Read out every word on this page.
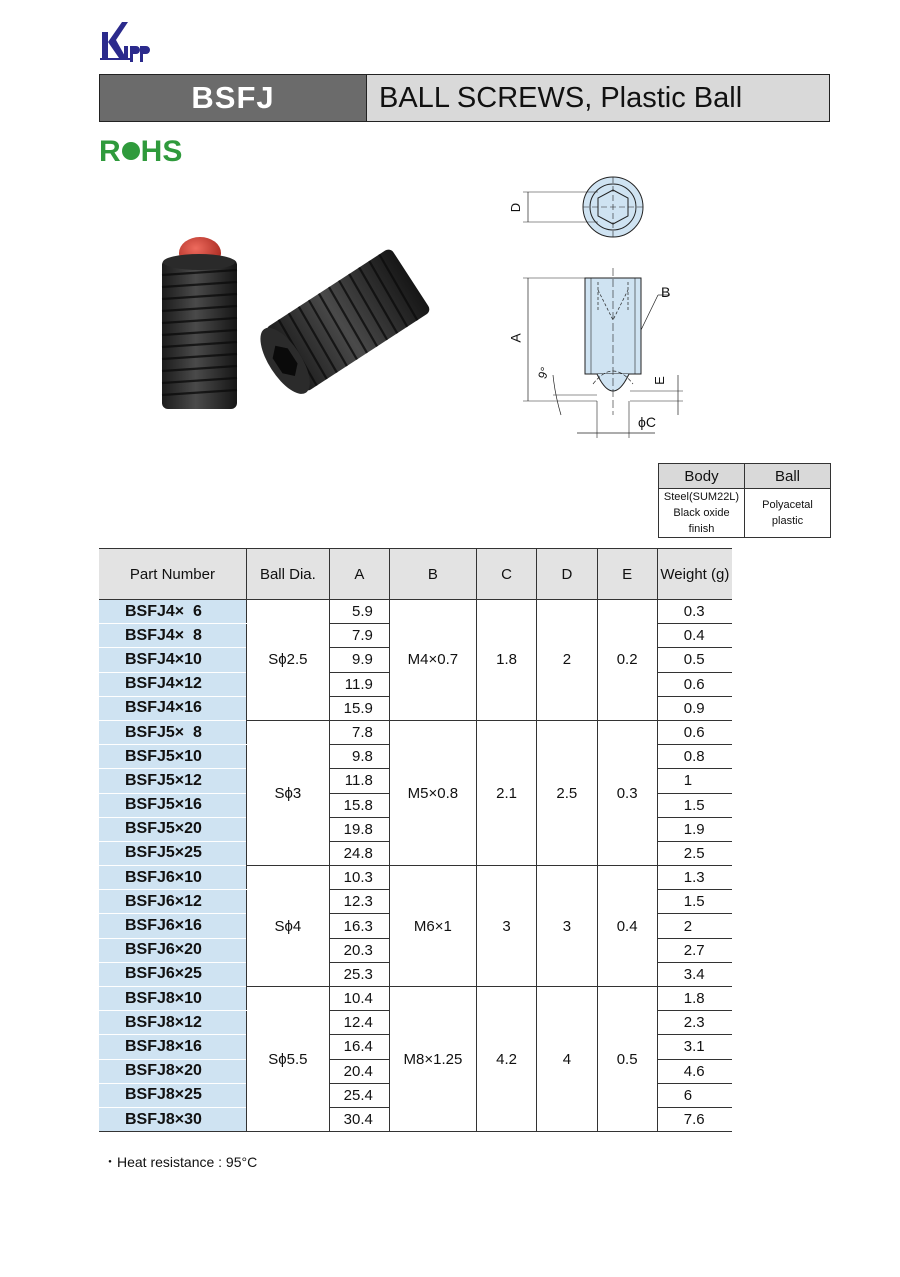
BSFJ	BALL SCREWS, Plastic Ball
R HS
D
A
B
E
ϕC
9°
Body	Ball

Steel(SUM22L)
Black oxide finish	Polyacetal plastic
Part Number	Ball Dia.	A	B	C	D	E	Weight (g)
BSFJ4×  6	Sϕ2.5	5.9	M4×0.7	1.8	2	0.2	0.3
BSFJ4×  8		7.9					0.4
BSFJ4×10		9.9					0.5
BSFJ4×12		11.9					0.6
BSFJ4×16		15.9					0.9
BSFJ5×  8	Sϕ3	7.8	M5×0.8	2.1	2.5	0.3	0.6
BSFJ5×10		9.8					0.8
BSFJ5×12		11.8					1
BSFJ5×16		15.8					1.5
BSFJ5×20		19.8					1.9
BSFJ5×25		24.8					2.5
BSFJ6×10	Sϕ4	10.3	M6×1	3	3	0.4	1.3
BSFJ6×12		12.3					1.5
BSFJ6×16		16.3					2
BSFJ6×20		20.3					2.7
BSFJ6×25		25.3					3.4
BSFJ8×10	Sϕ5.5	10.4	M8×1.25	4.2	4	0.5	1.8
BSFJ8×12		12.4					2.3
BSFJ8×16		16.4					3.1
BSFJ8×20		20.4					4.6
BSFJ8×25		25.4					6
BSFJ8×30		30.4					7.6
・Heat resistance : 95°C
